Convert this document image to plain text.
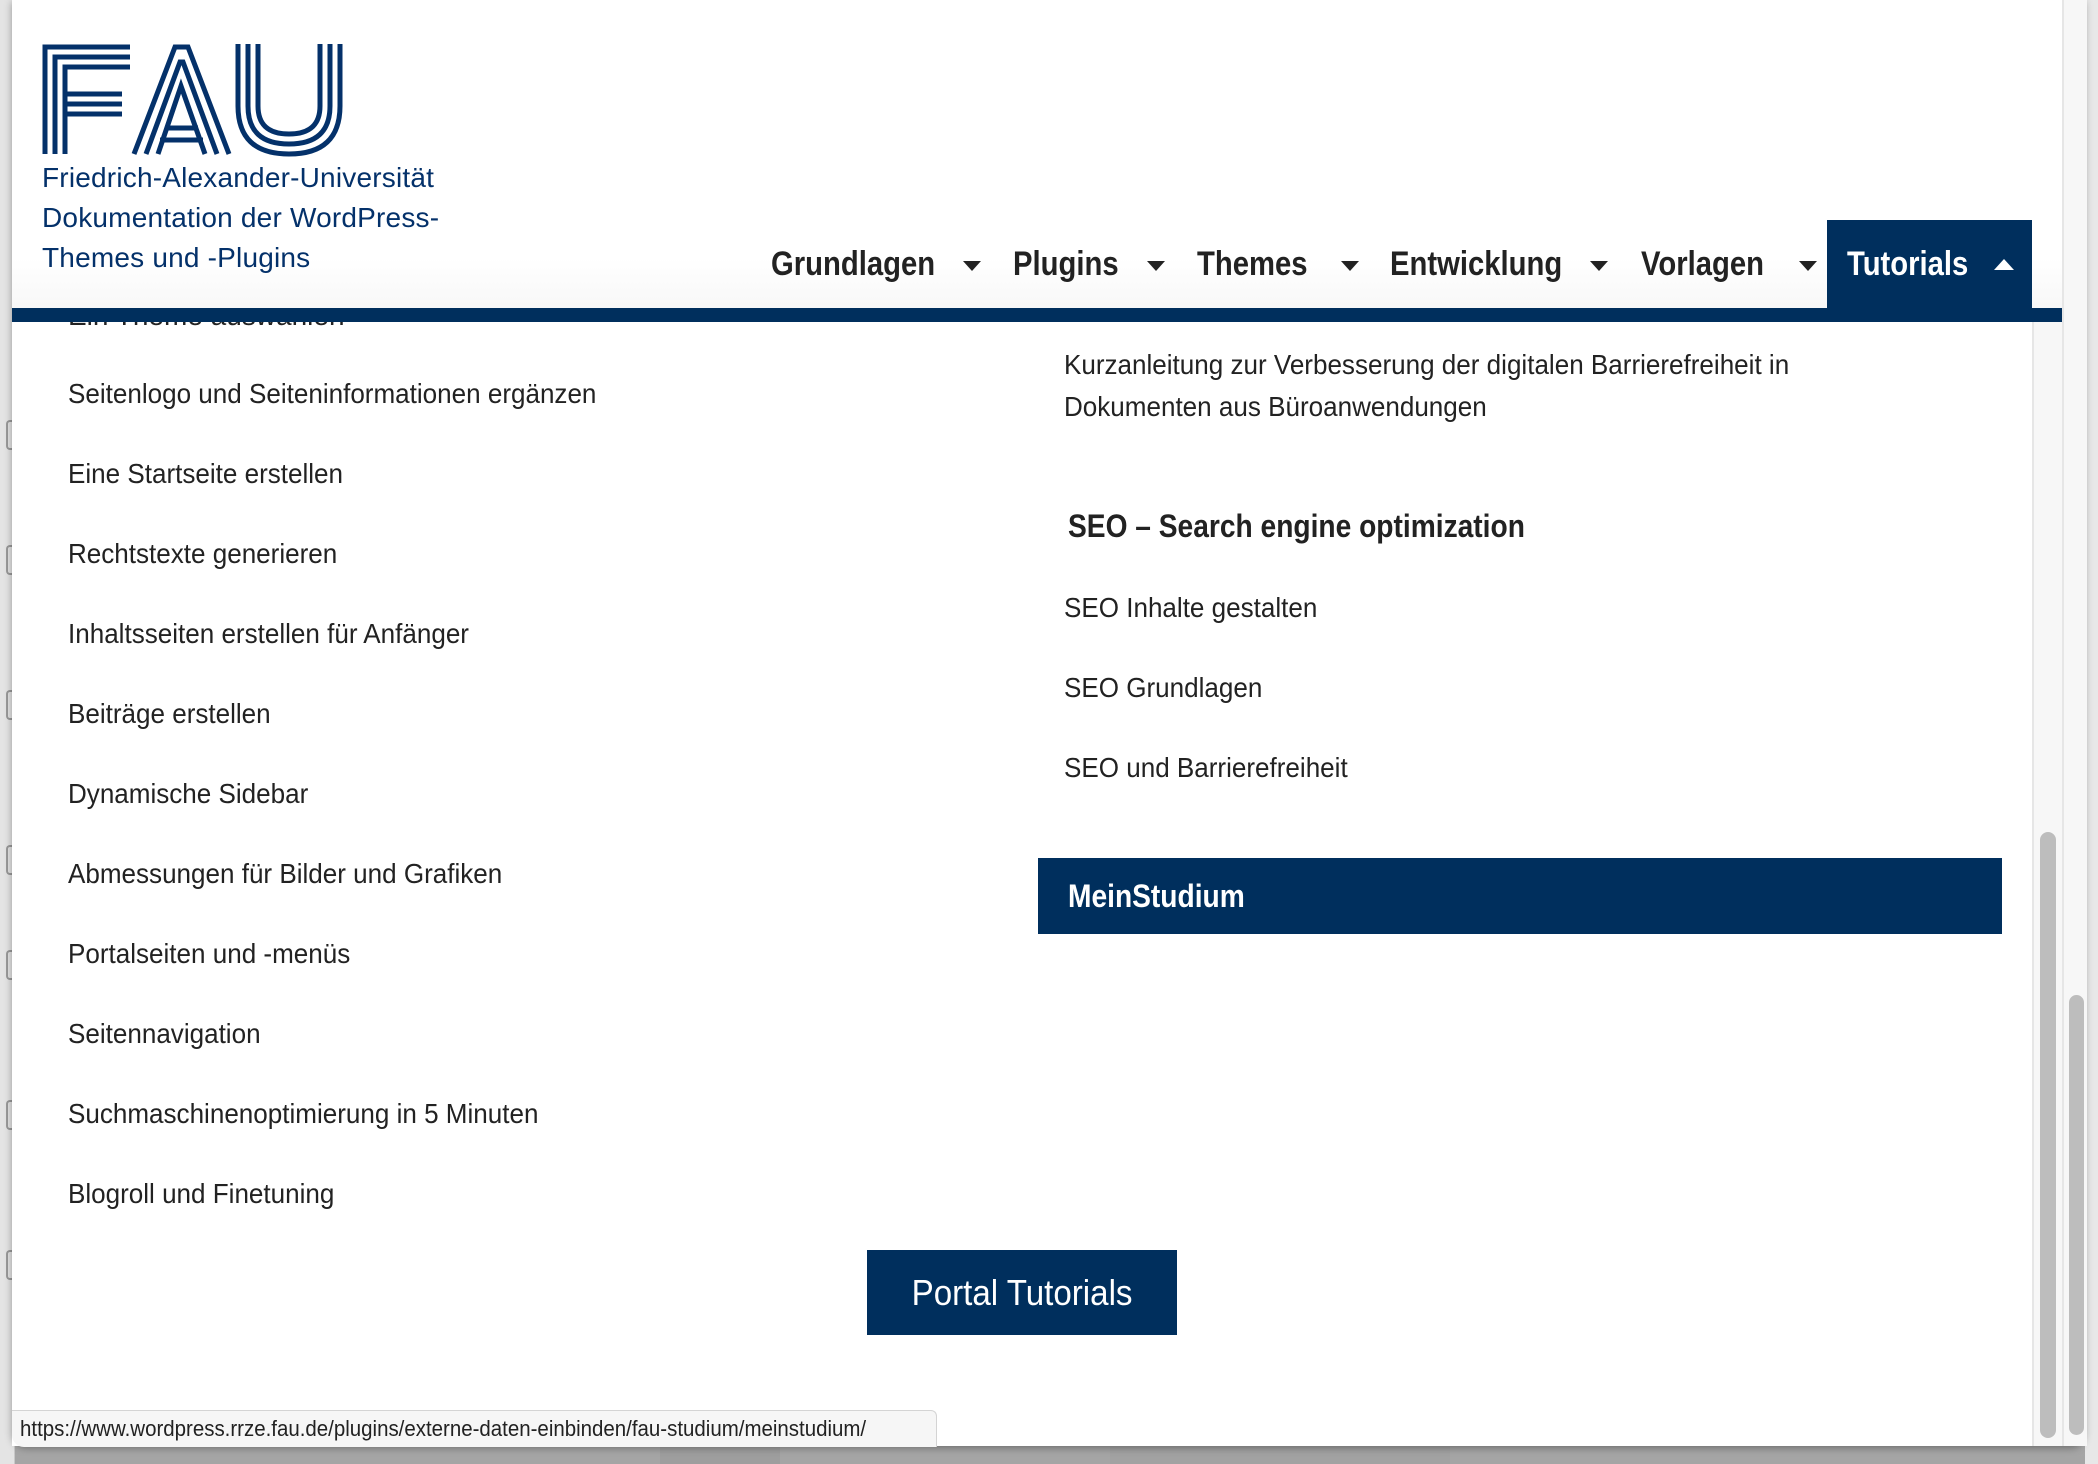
Friedrich-Alexander-Universität
Dokumentation der WordPress-
Themes und -Plugins	Grundlagen Plugins Themes Entwicklung Vorlagen Tutorials
Seitenlogo und Seiteninformationen ergänzen
Eine Startseite erstellen
Rechtstexte generieren
Inhaltsseiten erstellen für Anfänger
Beiträge erstellen
Dynamische Sidebar
Abmessungen für Bilder und Grafiken
Portalseiten und -menüs
Seitennavigation
Suchmaschinenoptimierung in 5 Minuten
Blogroll und Finetuning
Kurzanleitung zur Verbesserung der digitalen Barrierefreiheit in Dokumenten aus Büroanwendungen
SEO – Search engine optimization
SEO Inhalte gestalten
SEO Grundlagen
SEO und Barrierefreiheit
MeinStudium
Portal Tutorials
https://www.wordpress.rrze.fau.de/plugins/externe-daten-einbinden/fau-studium/meinstudium/
